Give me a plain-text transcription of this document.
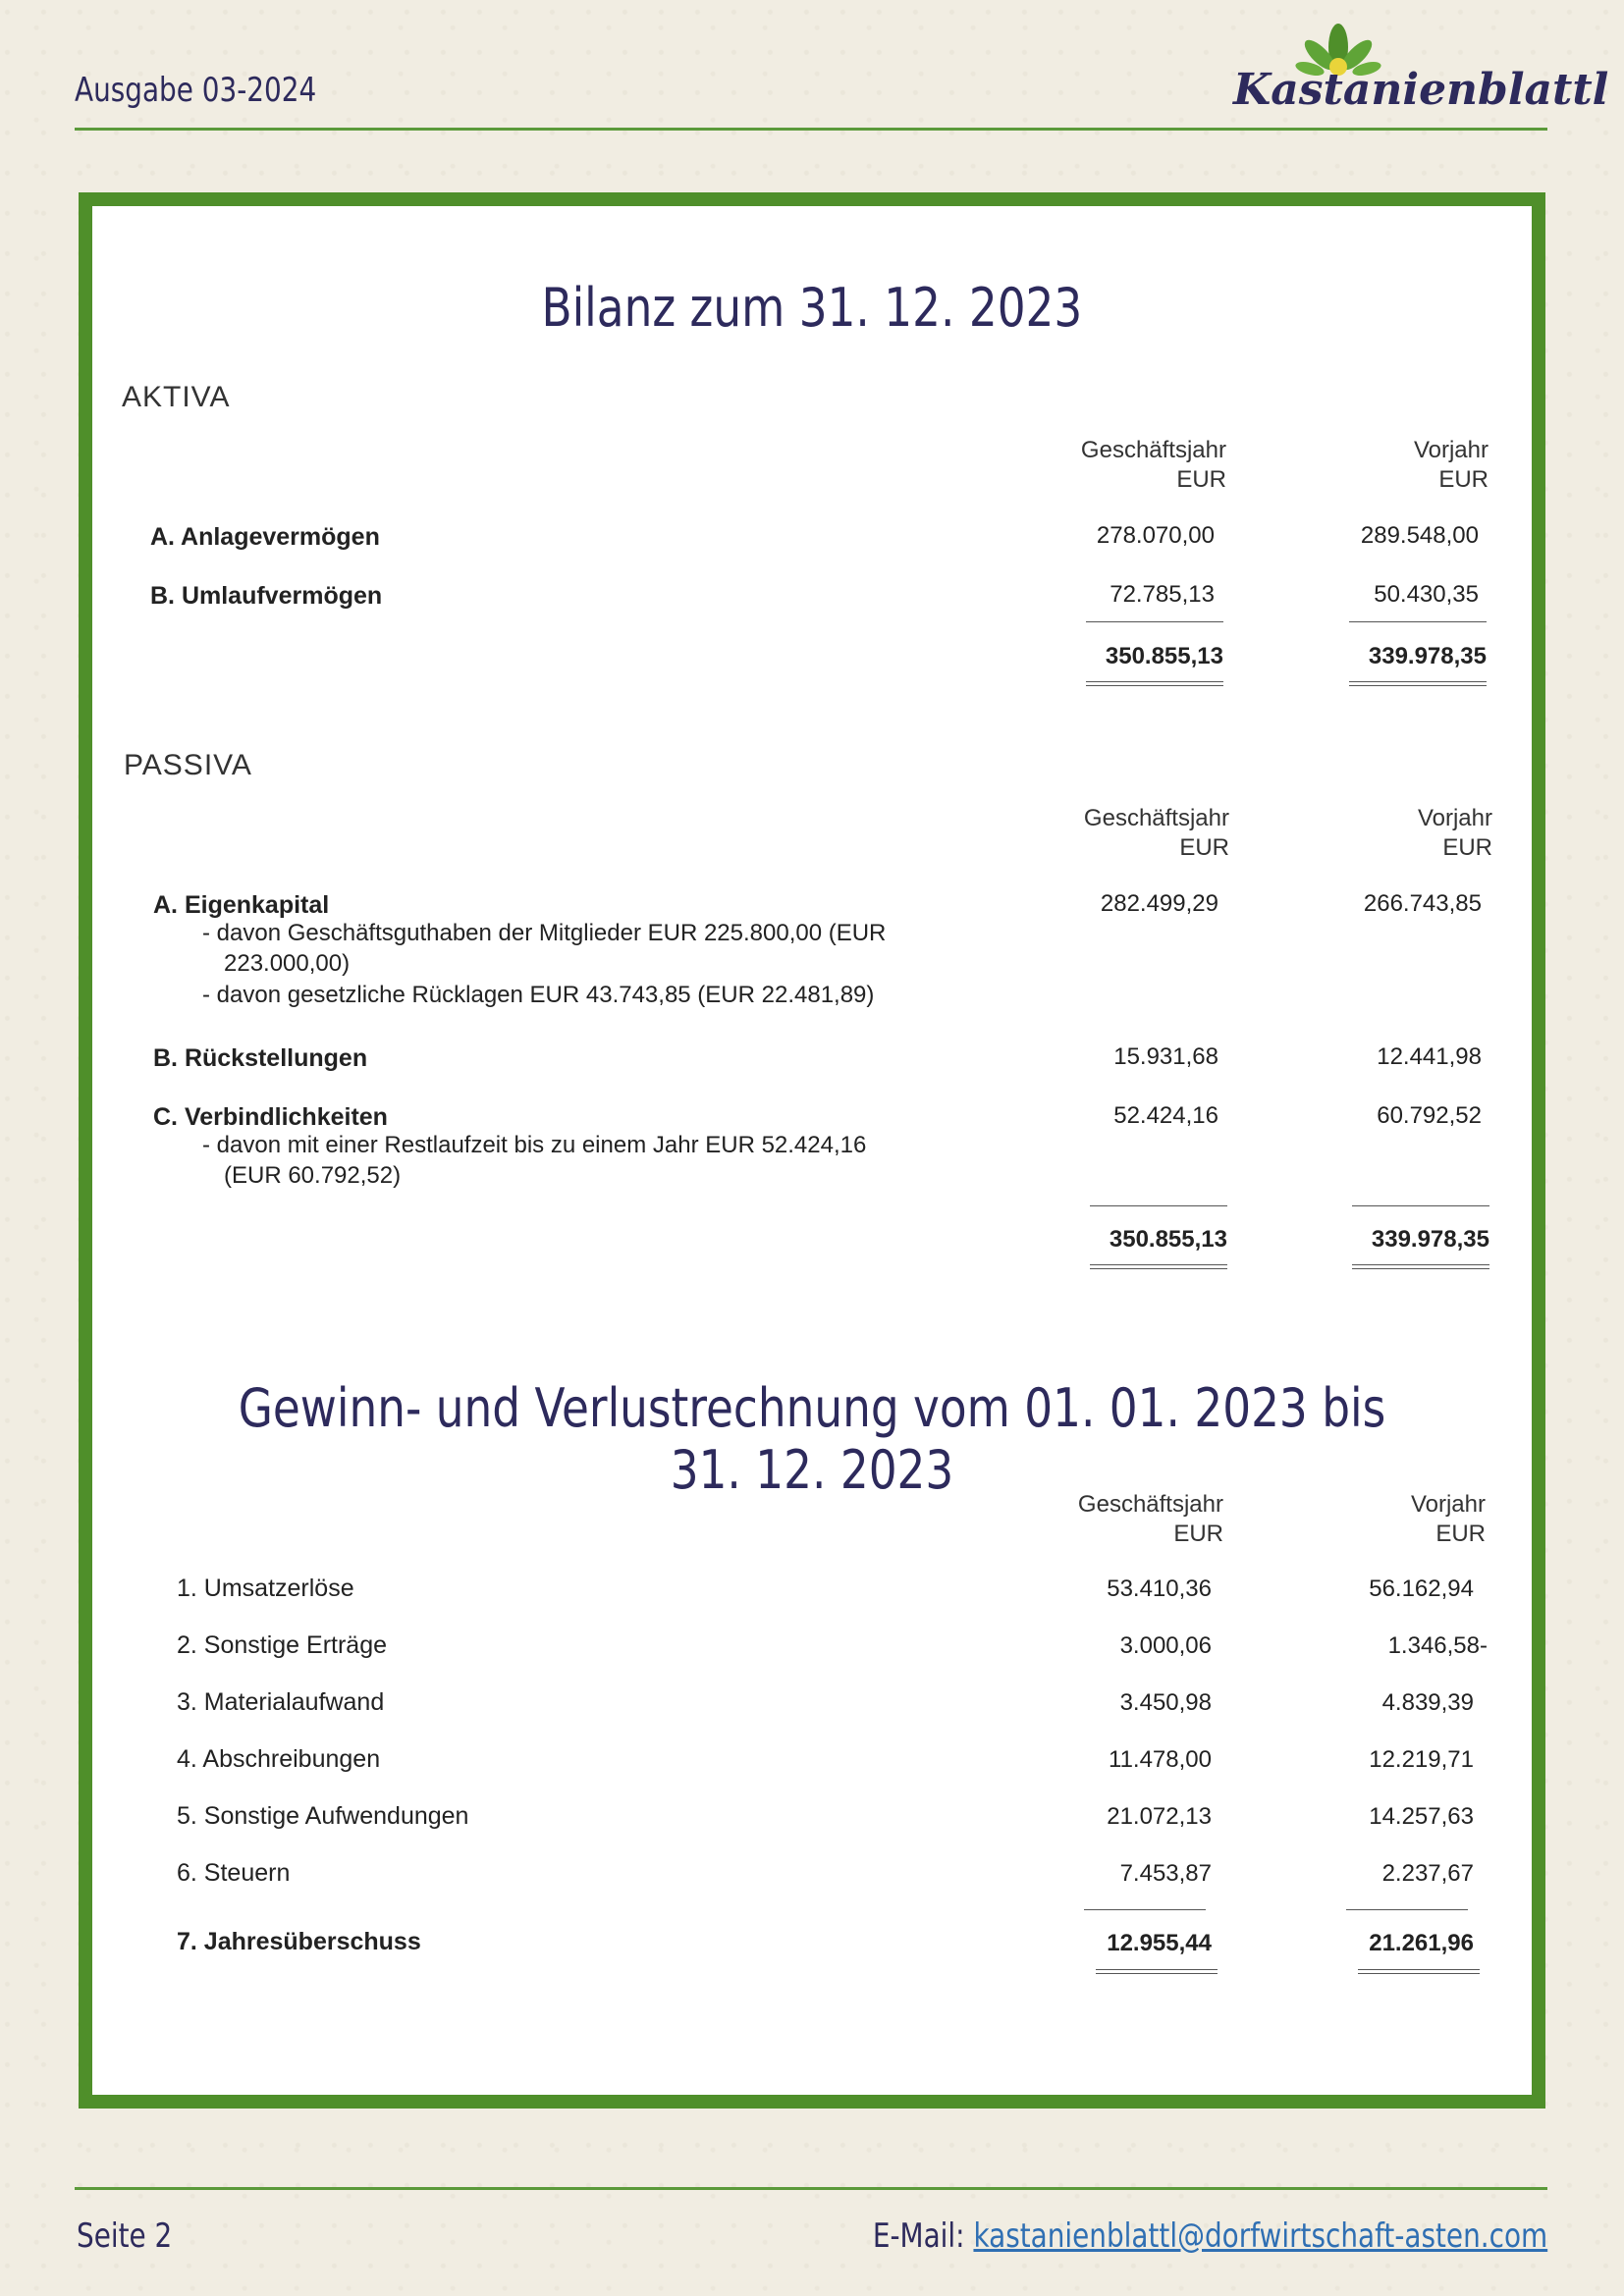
Ausgabe 03-2024	Kastanienblattl
Bilanz zum 31. 12. 2023
AKTIVA
Geschäftsjahr
EUR
Vorjahr
EUR
A. Anlagevermögen	278.070,00	289.548,00
B. Umlaufvermögen	72.785,13	50.430,35
350.855,13	339.978,35
PASSIVA
Geschäftsjahr
EUR
Vorjahr
EUR
A. Eigenkapital	282.499,29	266.743,85
- davon Geschäftsguthaben der Mitglieder EUR 225.800,00 (EUR
223.000,00)
- davon gesetzliche Rücklagen EUR 43.743,85 (EUR 22.481,89)
B. Rückstellungen	15.931,68	12.441,98
C. Verbindlichkeiten	52.424,16	60.792,52
- davon mit einer Restlaufzeit bis zu einem Jahr EUR 52.424,16
(EUR 60.792,52)
350.855,13	339.978,35
Gewinn- und Verlustrechnung vom 01. 01. 2023 bis 31. 12. 2023
Geschäftsjahr
EUR
Vorjahr
EUR
1. Umsatzerlöse	53.410,36	56.162,94
2. Sonstige Erträge	3.000,06	1.346,58-
3. Materialaufwand	3.450,98	4.839,39
4. Abschreibungen	11.478,00	12.219,71
5. Sonstige Aufwendungen	21.072,13	14.257,63
6. Steuern	7.453,87	2.237,67
7. Jahresüberschuss	12.955,44	21.261,96
Seite 2	E-Mail: kastanienblattl@dorfwirtschaft-asten.com
